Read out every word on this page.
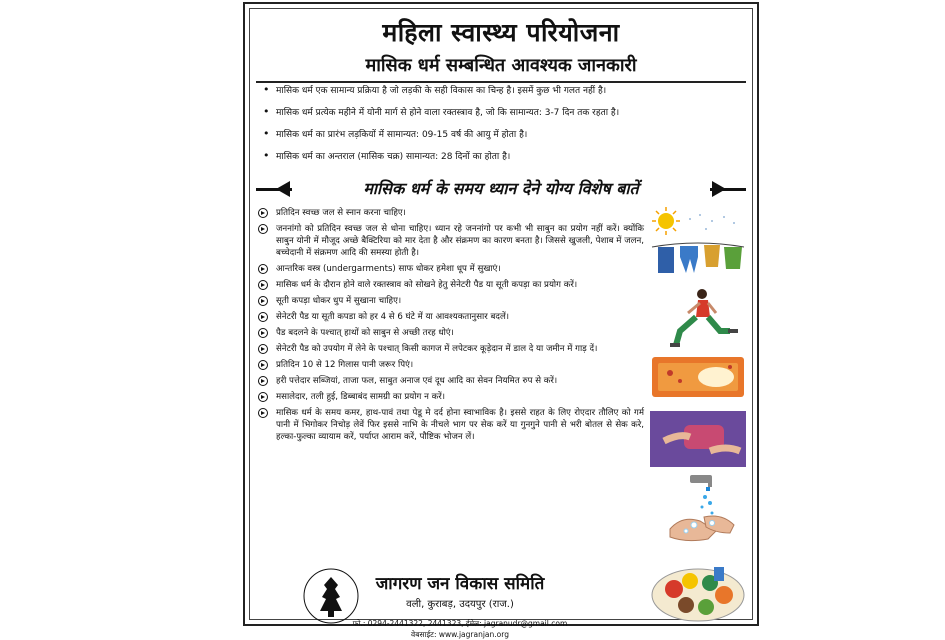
महिला स्वास्थ्य परियोजना
मासिक धर्म सम्बन्धित आवश्यक जानकारी
• मासिक धर्म एक सामान्य प्रक्रिया है जो लड़की के सही विकास का चिन्ह है। इसमें कुछ भी गलत नहीं है।
• मासिक धर्म प्रत्येक महीने में योनी मार्ग से होने वाला रक्तस्त्राव है, जो कि सामान्यत: 3-7 दिन तक रहता है।
• मासिक धर्म का प्रारंभ लड़कियों में सामान्यत: 09-15 वर्ष की आयु में होता है।
• मासिक धर्म का अन्तराल (मासिक चक्र) सामान्यत: 28 दिनों का होता है।
मासिक धर्म के समय ध्यान देने योग्य विशेष बातें
प्रतिदिन स्वच्छ जल से स्नान करना चाहिए।
जननांगो को प्रतिदिन स्वच्छ जल से धोना चाहिए। ध्यान रहे जननांगो पर कभी भी साबुन का प्रयोग नहीं करें। क्योंकि साबुन योनी में मौजूद अच्छे बैक्टिरिया को मार देता है और संक्रमण का कारण बनता है। जिससे खुजली, पेशाब में जलन, बच्चेदानी में संक्रमण आदि की समस्या होती है।
आन्तरिक वस्त्र (undergarments) साफ धोकर हमेशा धूप में सुखाएं।
मासिक धर्म के दौरान होने वाले रक्तस्त्राव को सोखने हेतु सेनेटरी पैड या सूती कपड़ा का प्रयोग करें।
सूती कपड़ा धोकर धुप में सुखाना चाहिए।
सेनेटरी पैड या सूती कपडा को हर 4 से 6 घंटे में या आवश्यकतानुसार बदलें।
पैड बदलने के पश्चात् हाथों को साबुन से अच्छी तरह धोएं।
सेनेटरी पैड को उपयोग में लेने के पश्चात् किसी कागज में लपेटकर कूड़ेदान में डाल दे या जमीन में गाड़ दें।
प्रतिदिन 10 से 12 गिलास पानी जरूर पिएं।
हरी पत्तेदार सब्जियां, ताजा फल, साबुत अनाज एवं दूध आदि का सेवन नियमित रुप से करें।
मसालेदार, तली हुई, डिब्बाबंद सामग्री का प्रयोग न करें।
मासिक धर्म के समय कमर, हाथ-पावं तथा पेडू मे दर्द होना स्वाभाविक है। इससे राहत के लिए रोएदार तौलिए को गर्म पानी में भिगोकर निचोड़ लेवें फिर इससे नाभि के नीचले भाग पर सेक करें या गुनगुने पानी से भरी बोतल से सेक करे, हल्का-फुल्का व्यायाम करें, पर्याप्त आराम करें, पौष्टिक भोजन लें।
जागरण जन विकास समिति
वली, कुराबड़, उदयपुर (राज.)
फो.: 0294-2441322, 2441323, ईमेल: jagranudr@gmail.com
वेबसाईट: www.jagranjan.org
